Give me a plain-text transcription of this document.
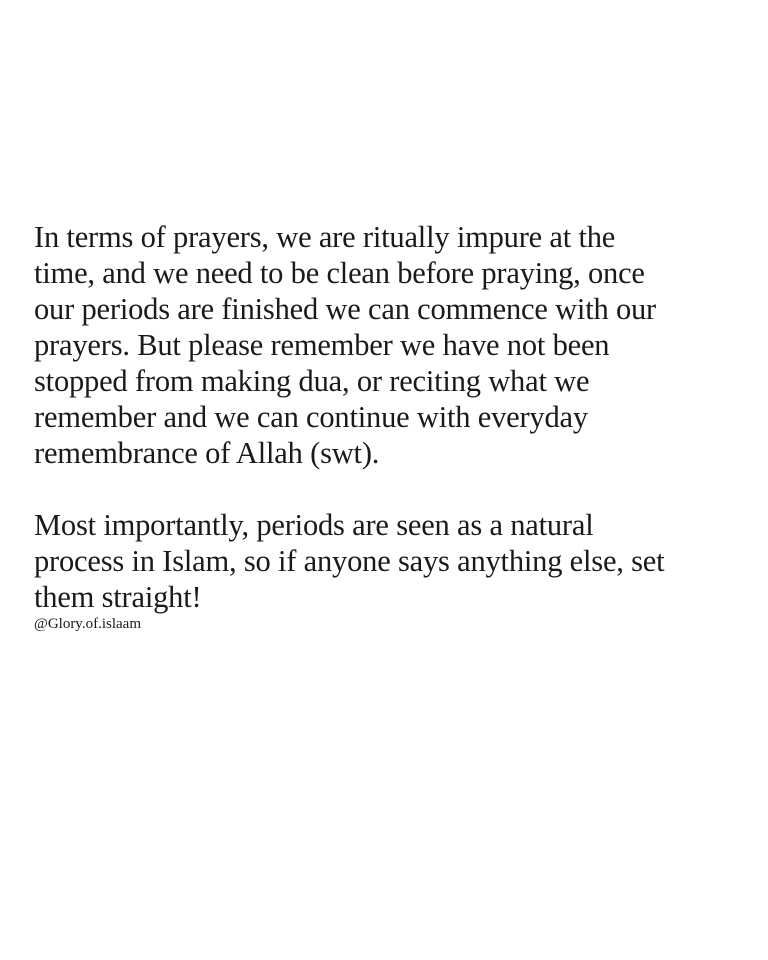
In terms of prayers, we are ritually impure at the
time, and we need to be clean before praying, once
our periods are finished we can commence with our
prayers. But please remember we have not been
stopped from making dua, or reciting what we
remember and we can continue with everyday
remembrance of Allah (swt).

Most importantly, periods are seen as a natural
process in Islam, so if anyone says anything else, set
them straight!

@Glory.of.islaam
